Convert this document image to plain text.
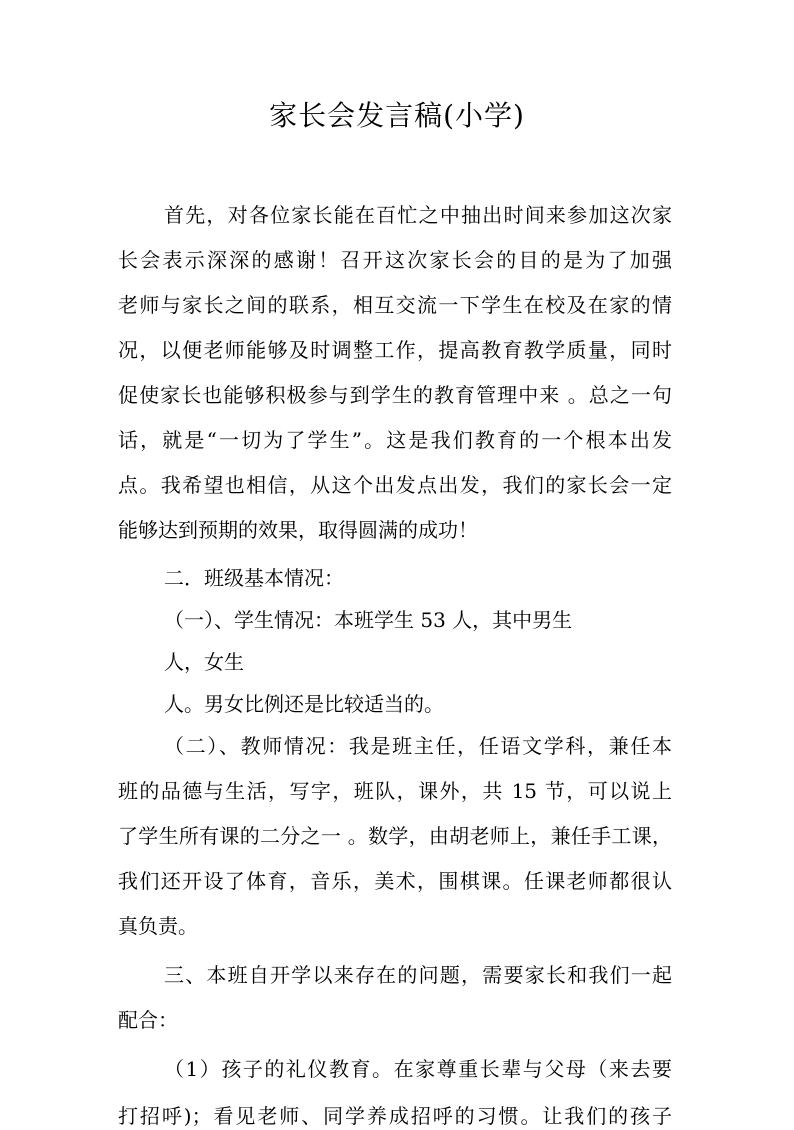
家长会发言稿(小学)
首先，对各位家长能在百忙之中抽出时间来参加这次家
长会表示深深的感谢！召开这次家长会的目的是为了加强
老师与家长之间的联系，相互交流一下学生在校及在家的情
况，以便老师能够及时调整工作，提高教育教学质量，同时
促使家长也能够积极参与到学生的教育管理中来 。总之一句
话，就是“一切为了学生”。这是我们教育的一个根本出发
点。我希望也相信，从这个出发点出发，我们的家长会一定
能够达到预期的效果，取得圆满的成功！
二．班级基本情况：
（一）、学生情况：本班学生 53 人，其中男生
人，女生
人。男女比例还是比较适当的。
（二）、教师情况：我是班主任，任语文学科，兼任本
班的品德与生活，写字，班队，课外，共 15 节，可以说上
了学生所有课的二分之一 。数学，由胡老师上，兼任手工课，
我们还开设了体育，音乐，美术，围棋课。任课老师都很认
真负责。
三、本班自开学以来存在的问题，需要家长和我们一起
配合：
（1）孩子的礼仪教育。在家尊重长辈与父母（来去要
打招呼)；看见老师、同学养成招呼的习惯。让我们的孩子
